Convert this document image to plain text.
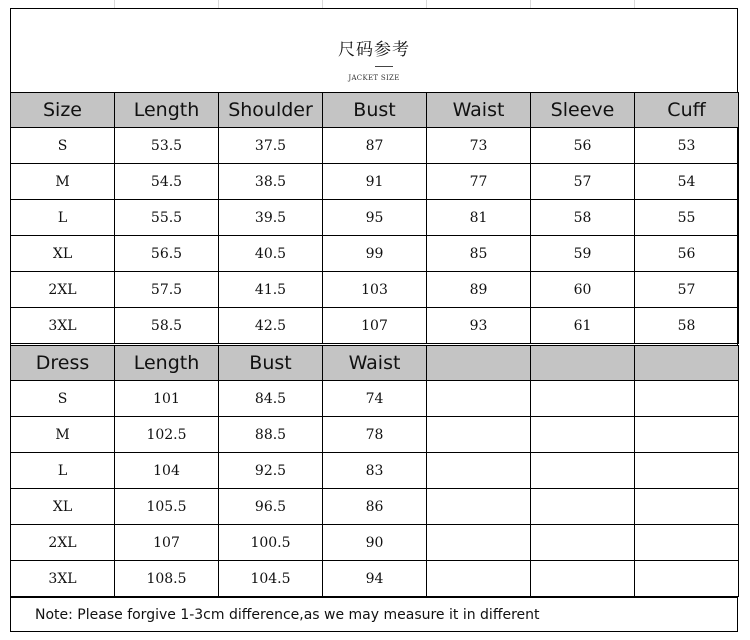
尺码参考
JACKET SIZE
Size	Length	Shoulder	Bust	Waist	Sleeve	Cuff
S	53.5	37.5	87	73	56	53
M	54.5	38.5	91	77	57	54
L	55.5	39.5	95	81	58	55
XL	56.5	40.5	99	85	59	56
2XL	57.5	41.5	103	89	60	57
3XL	58.5	42.5	107	93	61	58
Dress	Length	Bust	Waist			
S	101	84.5	74			
M	102.5	88.5	78			
L	104	92.5	83			
XL	105.5	96.5	86			
2XL	107	100.5	90			
3XL	108.5	104.5	94			
Note: Please forgive 1-3cm difference,as we may measure it in different
